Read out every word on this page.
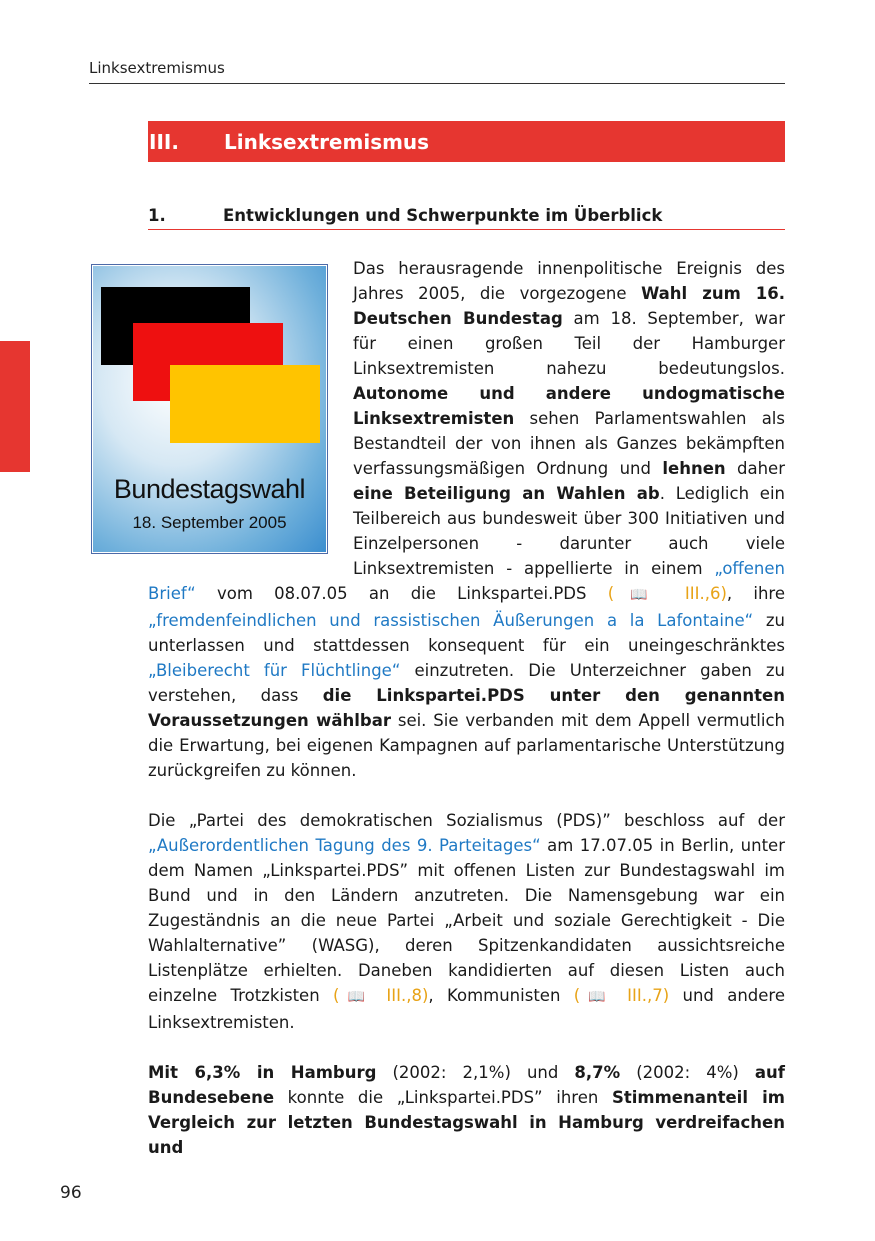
Linksextremismus
III.	Linksextremismus
1.	Entwicklungen und Schwerpunkte im Überblick
Bundestagswahl
18. September 2005

Das herausragende innenpolitische Ereignis des Jahres 2005, die vorgezogene Wahl zum 16. Deutschen Bundestag am 18. September, war für einen großen Teil der Hamburger Linksextremisten nahezu bedeutungslos. Autonome und andere undogmatische Linksextremisten sehen Parlamentswahlen als Bestandteil der von ihnen als Ganzes bekämpften verfassungsmäßigen Ordnung und lehnen daher eine Beteiligung an Wahlen ab. Lediglich ein Teilbereich aus bundesweit über 300 Initiativen und Einzelpersonen - darunter auch viele Linksextremisten - appellierte in einem „offenen Brief“ vom 08.07.05 an die Linkspartei.PDS (📖 III.,6), ihre „fremdenfeindlichen und rassistischen Äußerungen a la Lafontaine“ zu unterlassen und stattdessen konsequent für ein uneingeschränktes „Bleiberecht für Flüchtlinge“ einzutreten. Die Unterzeichner gaben zu verstehen, dass die Linkspartei.PDS unter den genannten Voraussetzungen wählbar sei. Sie verbanden mit dem Appell vermutlich die Erwartung, bei eigenen Kampagnen auf parlamentarische Unterstützung zurückgreifen zu können.

Die „Partei des demokratischen Sozialismus (PDS)” beschloss auf der „Außerordentlichen Tagung des 9. Parteitages“ am 17.07.05 in Berlin, unter dem Namen „Linkspartei.PDS” mit offenen Listen zur Bundestagswahl im Bund und in den Ländern anzutreten. Die Namensgebung war ein Zugeständnis an die neue Partei „Arbeit und soziale Gerechtigkeit - Die Wahlalternative” (WASG), deren Spitzenkandidaten aussichtsreiche Listenplätze erhielten. Daneben kandidierten auf diesen Listen auch einzelne Trotzkisten (📖 III.,8), Kommunisten (📖 III.,7) und andere Linksextremisten.

Mit 6,3% in Hamburg (2002: 2,1%) und 8,7% (2002: 4%) auf Bundesebene konnte die „Linkspartei.PDS” ihren Stimmenanteil im Vergleich zur letzten Bundestagswahl in Hamburg verdreifachen und

96
